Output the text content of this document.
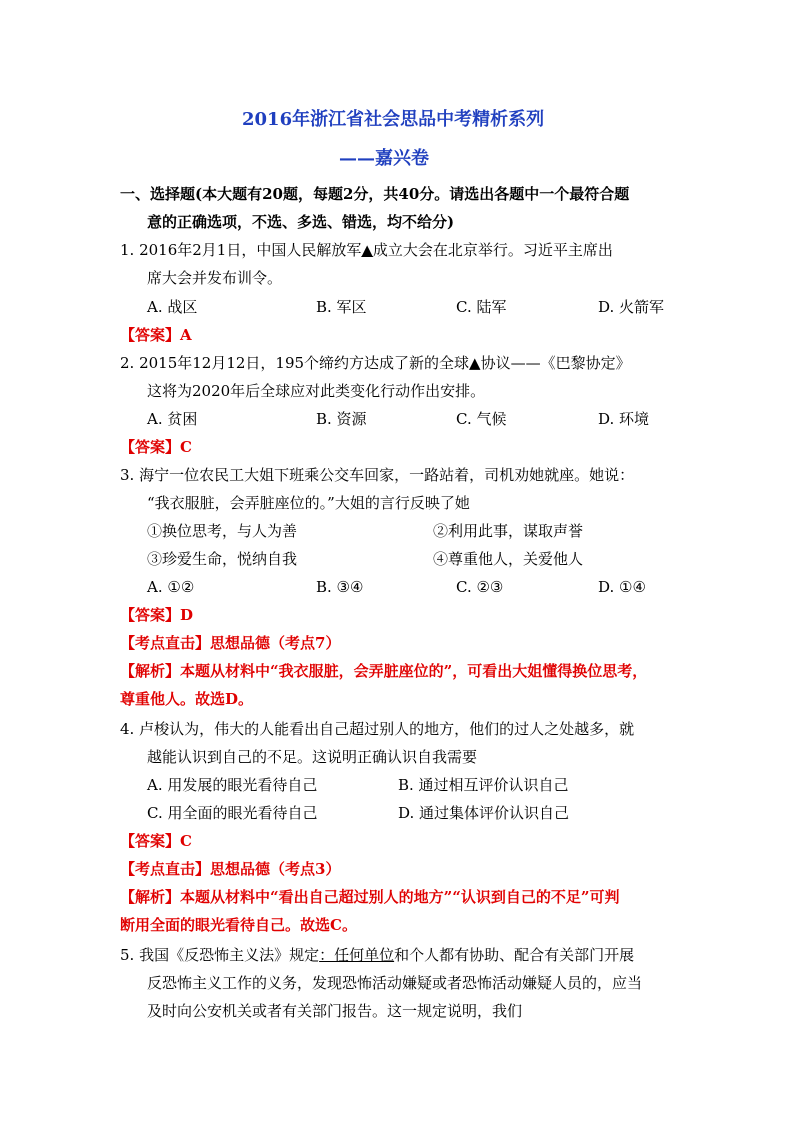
2016年浙江省社会思品中考精析系列
——嘉兴卷
一、选择题(本大题有20题，每题2分，共40分。请选出各题中一个最符合题
意的正确选项，不选、多选、错选，均不给分)
1. 2016年2月1日，中国人民解放军▲成立大会在北京举行。习近平主席出
席大会并发布训令。
A. 战区	B. 军区	C. 陆军	D. 火箭军
【答案】A
2. 2015年12月12日，195个缔约方达成了新的全球▲协议——《巴黎协定》
这将为2020年后全球应对此类变化行动作出安排。
A. 贫困	B. 资源	C. 气候	D. 环境
【答案】C
3. 海宁一位农民工大姐下班乘公交车回家，一路站着，司机劝她就座。她说：
“我衣服脏，会弄脏座位的。”大姐的言行反映了她
①换位思考，与人为善	②利用此事，谋取声誉
③珍爱生命，悦纳自我	④尊重他人，关爱他人
A. ①②	B. ③④	C. ②③	D. ①④
【答案】D
【考点直击】思想品德（考点7）
【解析】本题从材料中“我衣服脏，会弄脏座位的”，可看出大姐懂得换位思考，
尊重他人。故选D。
4. 卢梭认为，伟大的人能看出自己超过别人的地方，他们的过人之处越多，就
越能认识到自己的不足。这说明正确认识自我需要
A. 用发展的眼光看待自己	B. 通过相互评价认识自己
C. 用全面的眼光看待自己	D. 通过集体评价认识自己
【答案】C
【考点直击】思想品德（考点3）
【解析】本题从材料中“看出自己超过别人的地方”“认识到自己的不足”可判
断用全面的眼光看待自己。故选C。
5. 我国《反恐怖主义法》规定：任何单位和个人都有协助、配合有关部门开展
反恐怖主义工作的义务，发现恐怖活动嫌疑或者恐怖活动嫌疑人员的，应当
及时向公安机关或者有关部门报告。这一规定说明，我们
